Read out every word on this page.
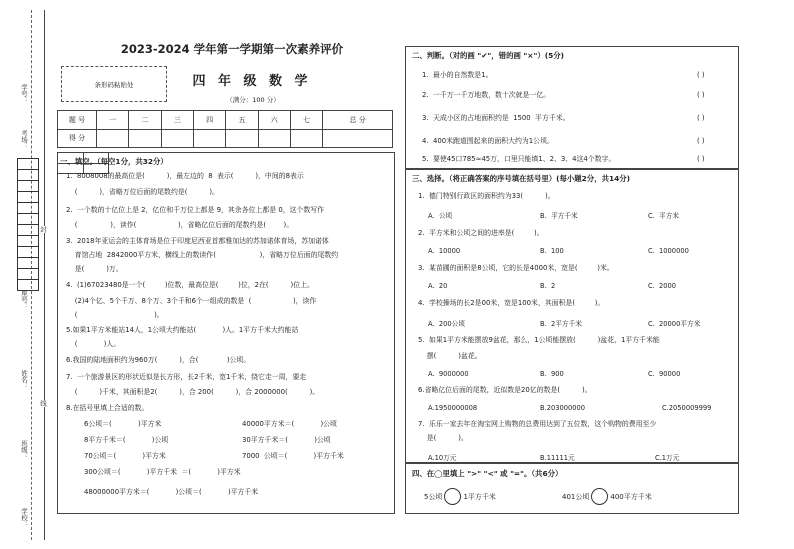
学号：
考场：
座号：
姓名：
班级：
学校：
封
线
2023-2024 学年第一学期第一次素养评价
条形码粘贴处	四 年 级 数 学
（满分：100 分）
题 号	一	二	三	四	五	六	七	总 分
得 分								
一、填空。（每空1分，共32分）
1.  8008008的最高位是(          )，最左边的  8  表示(          )，中间的8表示
(          )，省略万位后面的尾数约是(          )。
2.  一个数的十亿位上是 2，亿位和千万位上都是 9，其余各位上都是 0，这个数写作
(               )，读作(                   )，省略亿位后面的尾数约是(        )。
3.  2018年亚运会的主体育场是位于印度尼西亚首都雅加达的苏加诺体育场，苏加诺体
育馆占地  2842000平方米，横线上的数读作(                    )，省略万位后面的尾数约
是(          )万。
4.  (1)67023480是一个(         )位数，最高位是(         )位，2在(          )位上。
(2)4个亿、5个千万、8个万、3个千和6个一组成的数是  (                   )，读作
(                                   )。
5.如果1平方米能站14人，1公顷大约能站(            )人。1平方千米大约能站
(            )人。
6.我国的陆地面积约为960万(          )，合(             )公顷。
7.  一个旅游景区的形状近似是长方形，长2千米，宽1千米，绕它走一周，要走
(          )千米，其面积是2(          )，合 200(          )，合 2000000(          )。
8.在括号里填上合适的数。
6公顷＝(            )平方米	40000平方米＝(            )公顷
8平方千米＝(            )公顷	30平方千米＝(            )公顷
70公顷＝(            )平方米	7000  公顷＝(            )平方千米
300公顷＝(            )平方千米  ＝(            )平方米
48000000平方米＝(            )公顷＝(            )平方千米
二、判断。（对的画 "✔"，错的画 "×"）(5分)
1.  最小的自然数是1。	( )
2.  一千万一千万地数，数十次就是一亿。	( )
3.  天成小区的占地面积约是  1500  平方千米。	( )
4.  400米跑道围起来的面积大约为1公顷。	( )
5.  要使45口785≈45万，口里只能填1、2、3、4这4个数字。	( )
三、选择。（将正确答案的序号填在括号里）(每小题2分，共14分)
1.  德门特别行政区的面积约为33(          )。
A.  公顷	B.  平方千米	C.  平方米
2.  平方米和公顷之间的进率是(         )。
A.  10000	B.  100	C.  1000000
3.  某苗圃的面积是8公顷，它的长是4000米，宽是(         )米。
A.  20	B.  2	C.  2000
4.  学校操场的长2是00米，宽是100米，其面积是(         )。
A.  200公顷	B.  2平方千米	C.  20000平方米
5.  如果1平方米能摆放9盆花，那么，1公顷能摆放(          )盆花，1平方千米能
摆(          )盆花。
A.  9000000	B.  900	C.  90000
6.省略亿位后面的尾数，近似数是20亿的数是(          )。
A.1950000008	B.203000000	C.2050009999
7.  乐乐一家去年在淘宝网上购物的总费用达到了五位数，这个购物的费用至少
是(          )。
A.10万元	B.11111元	C.1万元
四、在◯里填上 ">" "<" 或 "="。（共6分）
5公顷	1平方千米	401公顷	400平方千米
